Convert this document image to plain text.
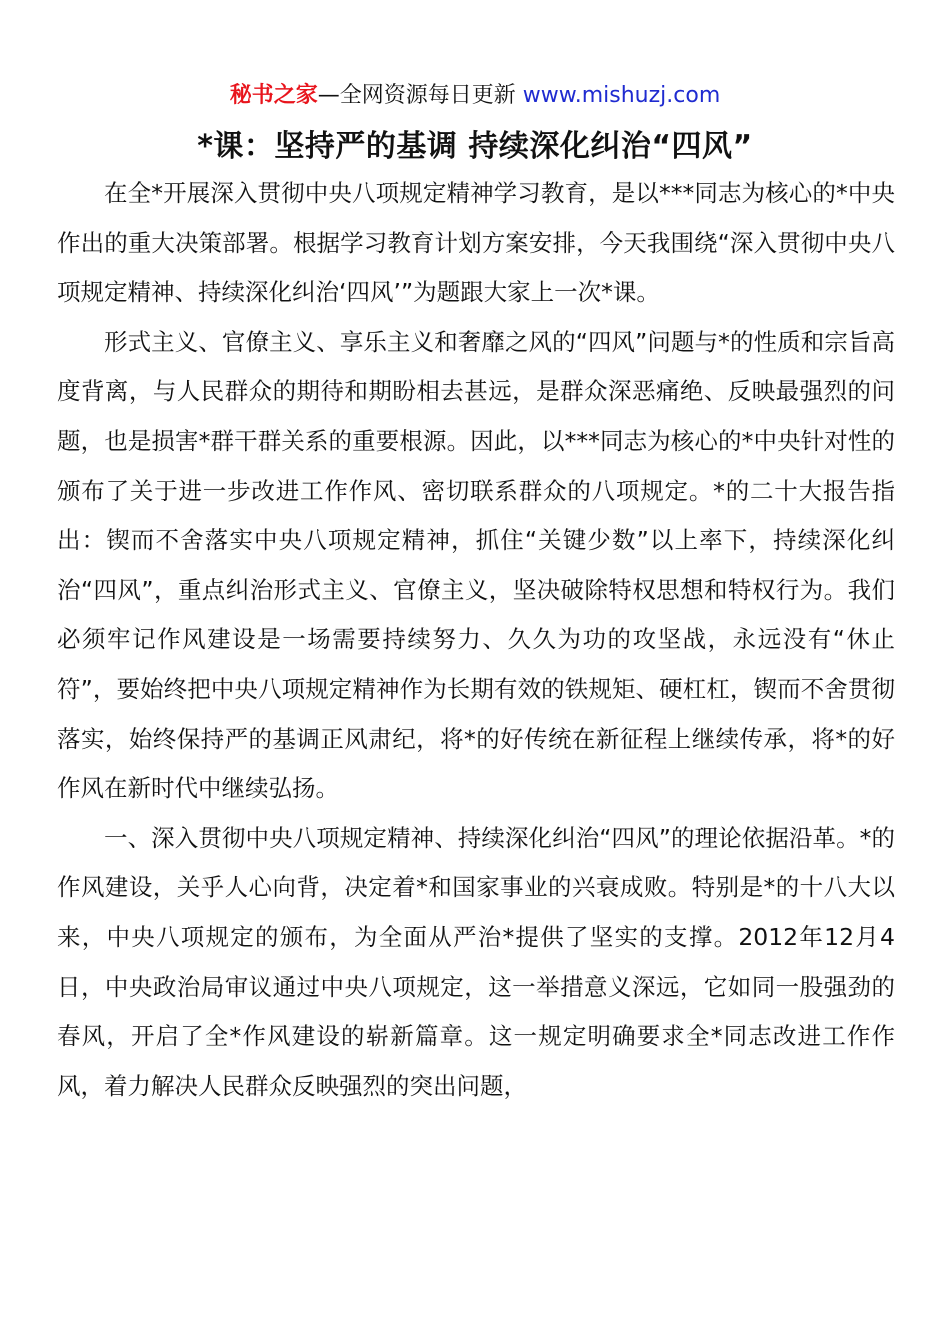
秘书之家—全网资源每日更新 www.mishuzj.com
*课：坚持严的基调 持续深化纠治“四风”

在全*开展深入贯彻中央八项规定精神学习教育，是以***同志为核心的*中央作出的重大决策部署。根据学习教育计划方案安排，今天我围绕“深入贯彻中央八项规定精神、持续深化纠治‘四风’”为题跟大家上一次*课。

形式主义、官僚主义、享乐主义和奢靡之风的“四风”问题与*的性质和宗旨高度背离，与人民群众的期待和期盼相去甚远，是群众深恶痛绝、反映最强烈的问题，也是损害*群干群关系的重要根源。因此，以***同志为核心的*中央针对性的颁布了关于进一步改进工作作风、密切联系群众的八项规定。*的二十大报告指出：锲而不舍落实中央八项规定精神，抓住“关键少数”以上率下，持续深化纠治“四风”，重点纠治形式主义、官僚主义，坚决破除特权思想和特权行为。我们必须牢记作风建设是一场需要持续努力、久久为功的攻坚战，永远没有“休止符”，要始终把中央八项规定精神作为长期有效的铁规矩、硬杠杠，锲而不舍贯彻落实，始终保持严的基调正风肃纪，将*的好传统在新征程上继续传承，将*的好作风在新时代中继续弘扬。

一、深入贯彻中央八项规定精神、持续深化纠治“四风”的理论依据沿革。*的作风建设，关乎人心向背，决定着*和国家事业的兴衰成败。特别是*的十八大以来，中央八项规定的颁布，为全面从严治*提供了坚实的支撑。2012年12月4日，中央政治局审议通过中央八项规定，这一举措意义深远，它如同一股强劲的春风，开启了全*作风建设的崭新篇章。这一规定明确要求全*同志改进工作作风，着力解决人民群众反映强烈的突出问题，
